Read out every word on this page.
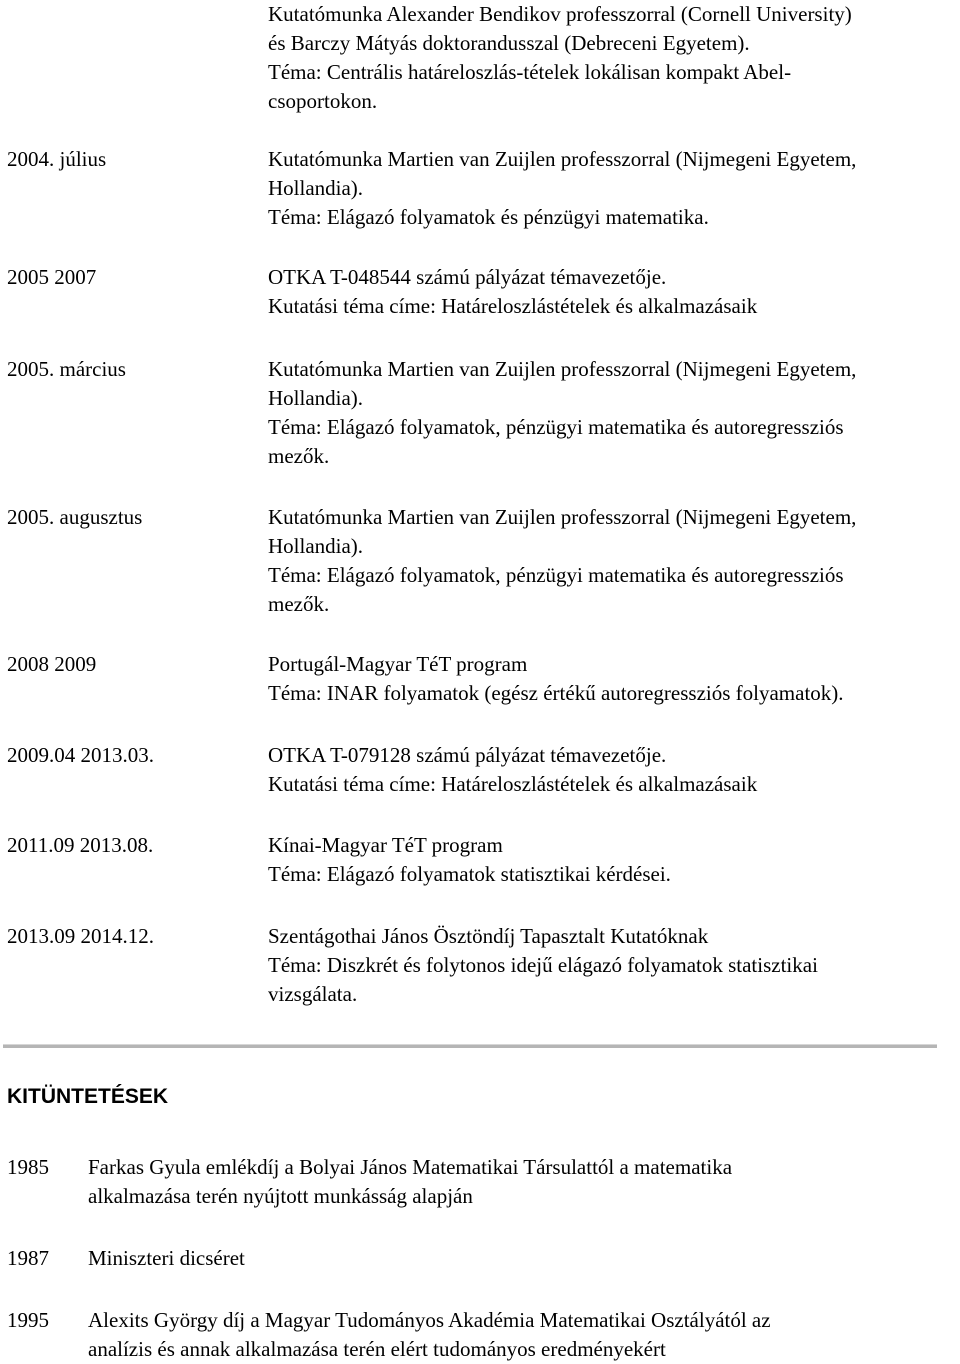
Kutatómunka Alexander Bendikov professzorral (Cornell University)
és Barczy Mátyás doktorandusszal (Debreceni Egyetem).
Téma: Centrális határeloszlás-tételek lokálisan kompakt Abel-
csoportokon.
2004. július	Kutatómunka Martien van Zuijlen professzorral (Nijmegeni Egyetem,
Hollandia).
Téma: Elágazó folyamatok és pénzügyi matematika.
2005 2007	OTKA T-048544 számú pályázat témavezetője.
Kutatási téma címe: Határeloszlástételek és alkalmazásaik
2005. március	Kutatómunka Martien van Zuijlen professzorral (Nijmegeni Egyetem,
Hollandia).
Téma: Elágazó folyamatok, pénzügyi matematika és autoregressziós
mezők.
2005. augusztus	Kutatómunka Martien van Zuijlen professzorral (Nijmegeni Egyetem,
Hollandia).
Téma: Elágazó folyamatok, pénzügyi matematika és autoregressziós
mezők.
2008 2009	Portugál-Magyar TéT program
Téma: INAR folyamatok (egész értékű autoregressziós folyamatok).
2009.04 2013.03.	OTKA T-079128 számú pályázat témavezetője.
Kutatási téma címe: Határeloszlástételek és alkalmazásaik
2011.09 2013.08.	Kínai-Magyar TéT program
Téma: Elágazó folyamatok statisztikai kérdései.
2013.09 2014.12.	Szentágothai János Ösztöndíj Tapasztalt Kutatóknak
Téma: Diszkrét és folytonos idejű elágazó folyamatok statisztikai
vizsgálata.
KITÜNTETÉSEK
1985 Farkas Gyula emlékdíj a Bolyai János Matematikai Társulattól a matematika
alkalmazása terén nyújtott munkásság alapján
1987 Miniszteri dicséret
1995 Alexits György díj a Magyar Tudományos Akadémia Matematikai Osztályától az
analízis és annak alkalmazása terén elért tudományos eredményekért
